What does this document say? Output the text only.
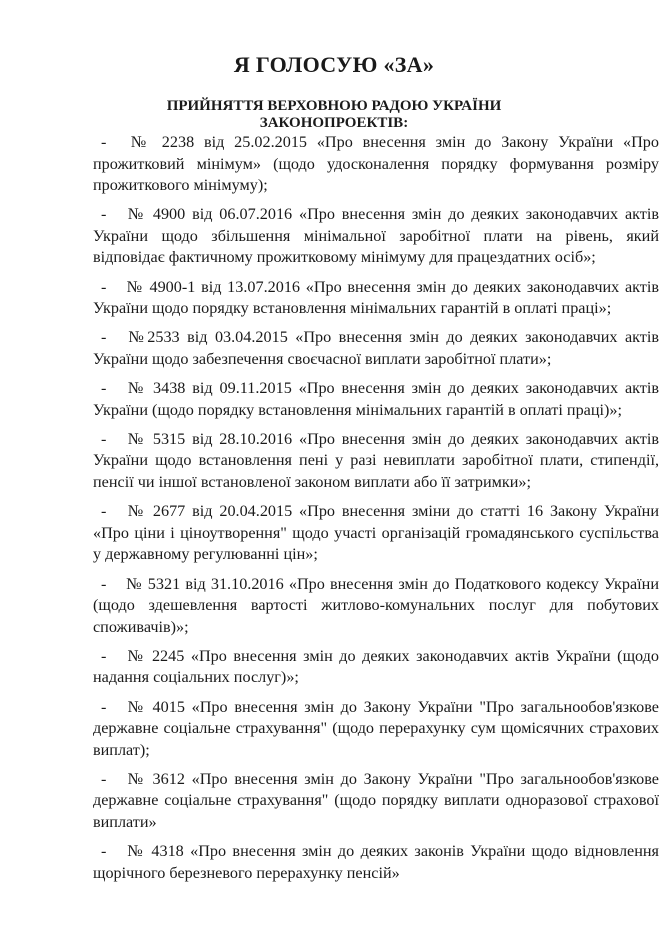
Я ГОЛОСУЮ «ЗА»
ПРИЙНЯТТЯ ВЕРХОВНОЮ РАДОЮ УКРАЇНИ
ЗАКОНОПРОЕКТІВ:
- № 2238 від 25.02.2015 «Про внесення змін до Закону України «Про прожитковий мінімум» (щодо удосконалення порядку формування розміру прожиткового мінімуму);
- № 4900 від 06.07.2016 «Про внесення змін до деяких законодавчих актів України щодо збільшення мінімальної заробітної плати на рівень, який відповідає фактичному прожитковому мінімуму для працездатних осіб»;
- № 4900-1 від 13.07.2016 «Про внесення змін до деяких законодавчих актів України щодо порядку встановлення мінімальних гарантій в оплаті праці»;
- №2533 від 03.04.2015 «Про внесення змін до деяких законодавчих актів України щодо забезпечення своєчасної виплати заробітної плати»;
- № 3438 від 09.11.2015 «Про внесення змін до деяких законодавчих актів України (щодо порядку встановлення мінімальних гарантій в оплаті праці)»;
- № 5315 від 28.10.2016 «Про внесення змін до деяких законодавчих актів України щодо встановлення пені у разі невиплати заробітної плати, стипендії, пенсії чи іншої встановленої законом виплати або її затримки»;
- № 2677 від 20.04.2015 «Про внесення зміни до статті 16 Закону України «Про ціни і ціноутворення" щодо участі організацій громадянського суспільства у державному регулюванні цін»;
- № 5321 від 31.10.2016 «Про внесення змін до Податкового кодексу України (щодо здешевлення вартості житлово-комунальних послуг для побутових споживачів)»;
- № 2245 «Про внесення змін до деяких законодавчих актів України (щодо надання соціальних послуг)»;
- № 4015 «Про внесення змін до Закону України "Про загальнообов'язкове державне соціальне страхування" (щодо перерахунку сум щомісячних страхових виплат);
- № 3612 «Про внесення змін до Закону України "Про загальнообов'язкове державне соціальне страхування" (щодо порядку виплати одноразової страхової виплати»
- № 4318 «Про внесення змін до деяких законів України щодо відновлення щорічного березневого перерахунку пенсій»
